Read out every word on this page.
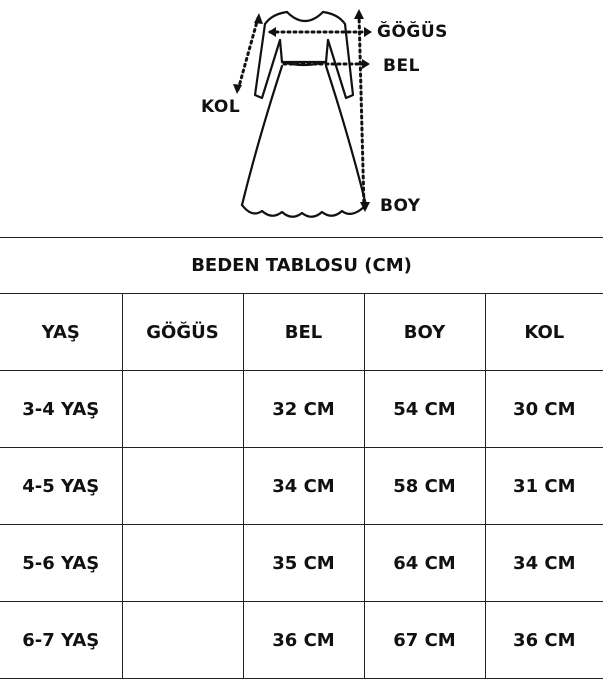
ĞÖĞÜS
BEL
KOL
BOY
BEDEN TABLOSU (CM)				
YAŞ	GÖĞÜS	BEL	BOY	KOL
3-4 YAŞ		32 CM	54 CM	30 CM
4-5 YAŞ		34 CM	58 CM	31 CM
5-6 YAŞ		35 CM	64 CM	34 CM
6-7 YAŞ		36 CM	67 CM	36 CM
